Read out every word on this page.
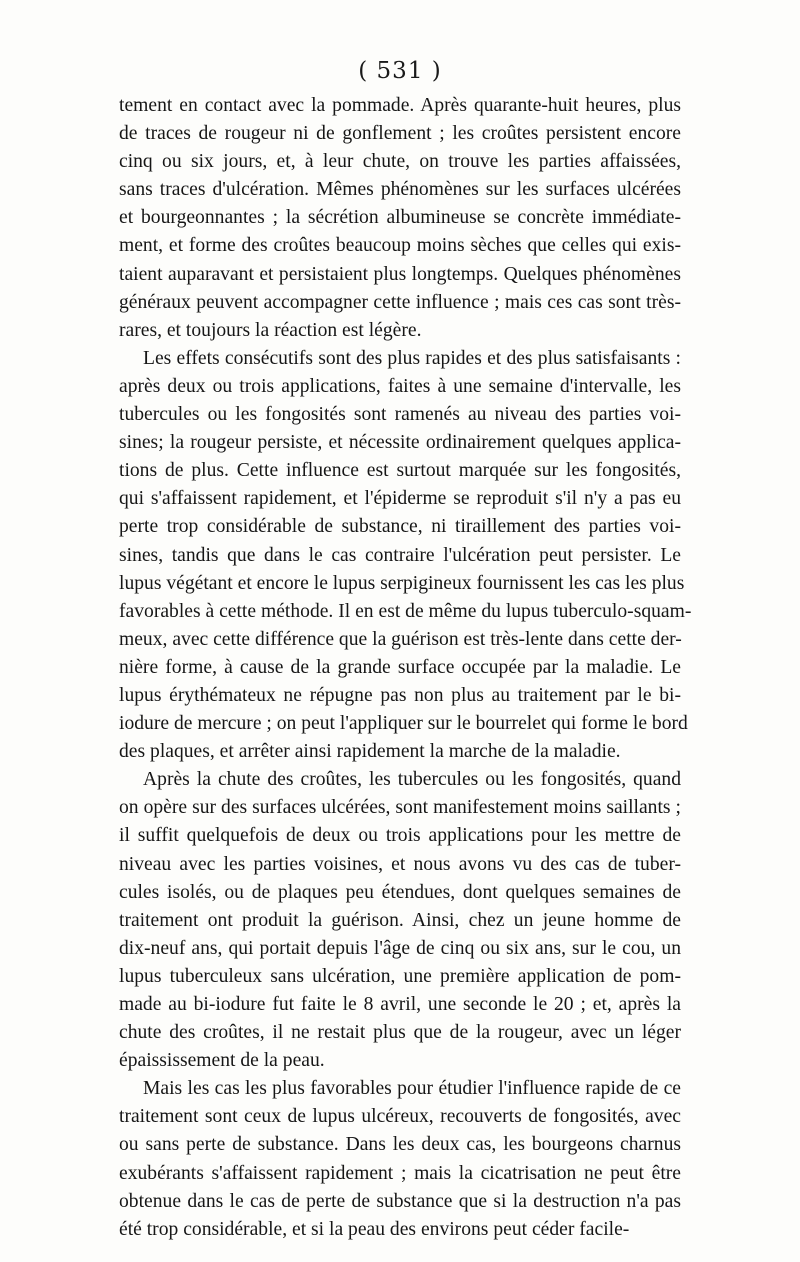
( 531 )
tement en contact avec la pommade. Après quarante-huit heures, plus
de traces de rougeur ni de gonflement ; les croûtes persistent encore
cinq ou six jours, et, à leur chute, on trouve les parties affaissées,
sans traces d'ulcération. Mêmes phénomènes sur les surfaces ulcérées
et bourgeonnantes ; la sécrétion albumineuse se concrète immédiate-
ment, et forme des croûtes beaucoup moins sèches que celles qui exis-
taient auparavant et persistaient plus longtemps. Quelques phénomènes
généraux peuvent accompagner cette influence ; mais ces cas sont très-
rares, et toujours la réaction est légère.
Les effets consécutifs sont des plus rapides et des plus satisfaisants :
après deux ou trois applications, faites à une semaine d'intervalle, les
tubercules ou les fongosités sont ramenés au niveau des parties voi-
sines; la rougeur persiste, et nécessite ordinairement quelques applica-
tions de plus. Cette influence est surtout marquée sur les fongosités,
qui s'affaissent rapidement, et l'épiderme se reproduit s'il n'y a pas eu
perte trop considérable de substance, ni tiraillement des parties voi-
sines, tandis que dans le cas contraire l'ulcération peut persister. Le
lupus végétant et encore le lupus serpigineux fournissent les cas les plus
favorables à cette méthode. Il en est de même du lupus tuberculo-squam-
meux, avec cette différence que la guérison est très-lente dans cette der-
nière forme, à cause de la grande surface occupée par la maladie. Le
lupus érythémateux ne répugne pas non plus au traitement par le bi-
iodure de mercure ; on peut l'appliquer sur le bourrelet qui forme le bord
des plaques, et arrêter ainsi rapidement la marche de la maladie.
Après la chute des croûtes, les tubercules ou les fongosités, quand
on opère sur des surfaces ulcérées, sont manifestement moins saillants ;
il suffit quelquefois de deux ou trois applications pour les mettre de
niveau avec les parties voisines, et nous avons vu des cas de tuber-
cules isolés, ou de plaques peu étendues, dont quelques semaines de
traitement ont produit la guérison. Ainsi, chez un jeune homme de
dix-neuf ans, qui portait depuis l'âge de cinq ou six ans, sur le cou, un
lupus tuberculeux sans ulcération, une première application de pom-
made au bi-iodure fut faite le 8 avril, une seconde le 20 ; et, après la
chute des croûtes, il ne restait plus que de la rougeur, avec un léger
épaississement de la peau.
Mais les cas les plus favorables pour étudier l'influence rapide de ce
traitement sont ceux de lupus ulcéreux, recouverts de fongosités, avec
ou sans perte de substance. Dans les deux cas, les bourgeons charnus
exubérants s'affaissent rapidement ; mais la cicatrisation ne peut être
obtenue dans le cas de perte de substance que si la destruction n'a pas
été trop considérable, et si la peau des environs peut céder facile-
